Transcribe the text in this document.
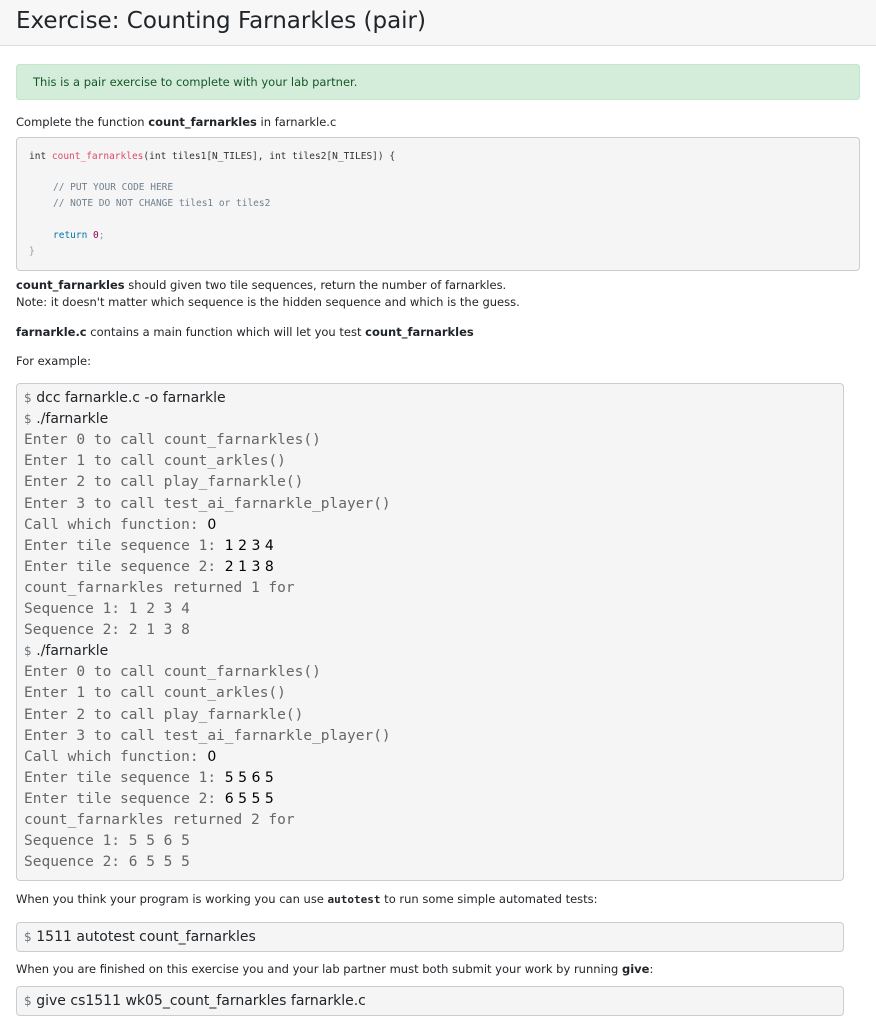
Exercise: Counting Farnarkles (pair)
This is a pair exercise to complete with your lab partner.

Complete the function count_farnarkles in farnarkle.c

int count_farnarkles(int tiles1[N_TILES], int tiles2[N_TILES]) {
// PUT YOUR CODE HERE
// NOTE DO NOT CHANGE tiles1 or tiles2
return 0;
}

count_farnarkles should given two tile sequences, return the number of farnarkles.

Note: it doesn't matter which sequence is the hidden sequence and which is the guess.

farnarkle.c contains a main function which will let you test count_farnarkles

For example:

$ dcc farnarkle.c -o farnarkle
$ ./farnarkle
Enter 0 to call count_farnarkles()
Enter 1 to call count_arkles()
Enter 2 to call play_farnarkle()
Enter 3 to call test_ai_farnarkle_player()
Call which function: 0
Enter tile sequence 1: 1 2 3 4
Enter tile sequence 2: 2 1 3 8
count_farnarkles returned 1 for
Sequence 1: 1 2 3 4
Sequence 2: 2 1 3 8
$ ./farnarkle
Enter 0 to call count_farnarkles()
Enter 1 to call count_arkles()
Enter 2 to call play_farnarkle()
Enter 3 to call test_ai_farnarkle_player()
Call which function: 0
Enter tile sequence 1: 5 5 6 5
Enter tile sequence 2: 6 5 5 5
count_farnarkles returned 2 for
Sequence 1: 5 5 6 5
Sequence 2: 6 5 5 5

When you think your program is working you can use autotest to run some simple automated tests:

$ 1511 autotest count_farnarkles

When you are finished on this exercise you and your lab partner must both submit your work by running give:

$ give cs1511 wk05_count_farnarkles farnarkle.c
